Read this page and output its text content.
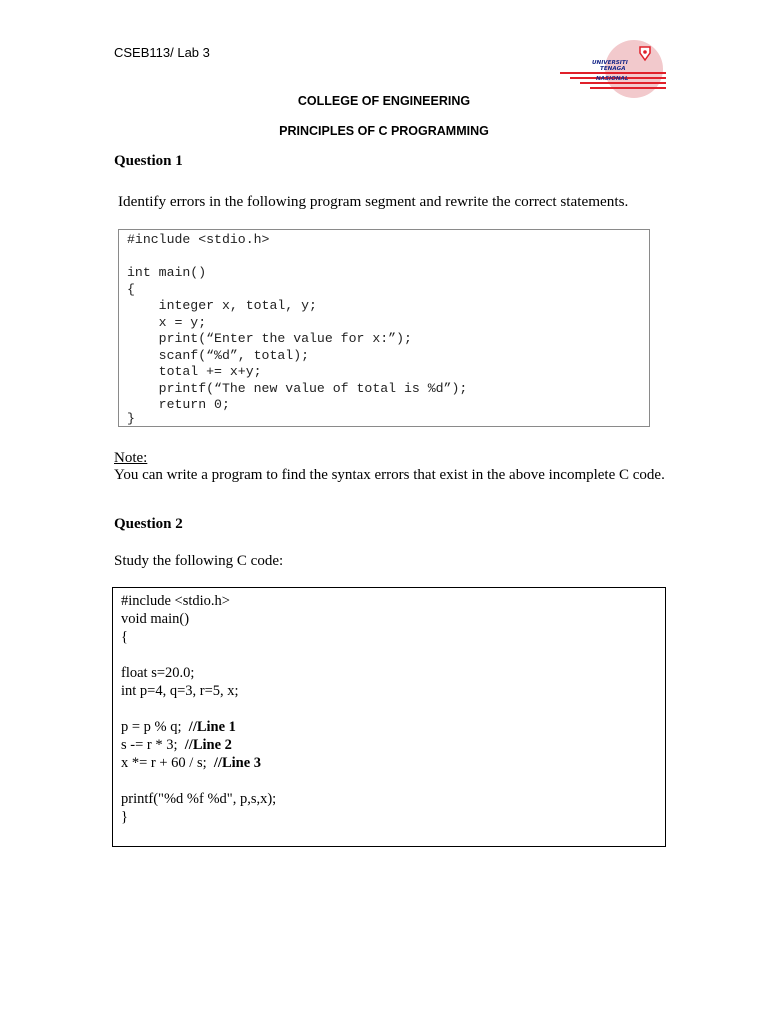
CSEB113/ Lab 3
UNIVERSITI
TENAGA
NASIONAL
COLLEGE OF ENGINEERING
PRINCIPLES OF C PROGRAMMING
Question 1
Identify errors in the following program segment and rewrite the correct statements.
#include <stdio.h>
int main()
{
integer x, total, y;
x = y;
print(“Enter the value for x:”);
scanf(“%d”, total);
total += x+y;
printf(“The new value of total is %d”);
return 0;
}
Note:
You can write a program to find the syntax errors that exist in the above incomplete C code.
Question 2
Study the following C code:
#include <stdio.h>
void main()
{
float s=20.0;
int p=4, q=3, r=5, x;
p = p % q;  //Line 1
s -= r * 3;  //Line 2
x *= r + 60 / s;  //Line 3
printf("%d %f %d", p,s,x);
}
